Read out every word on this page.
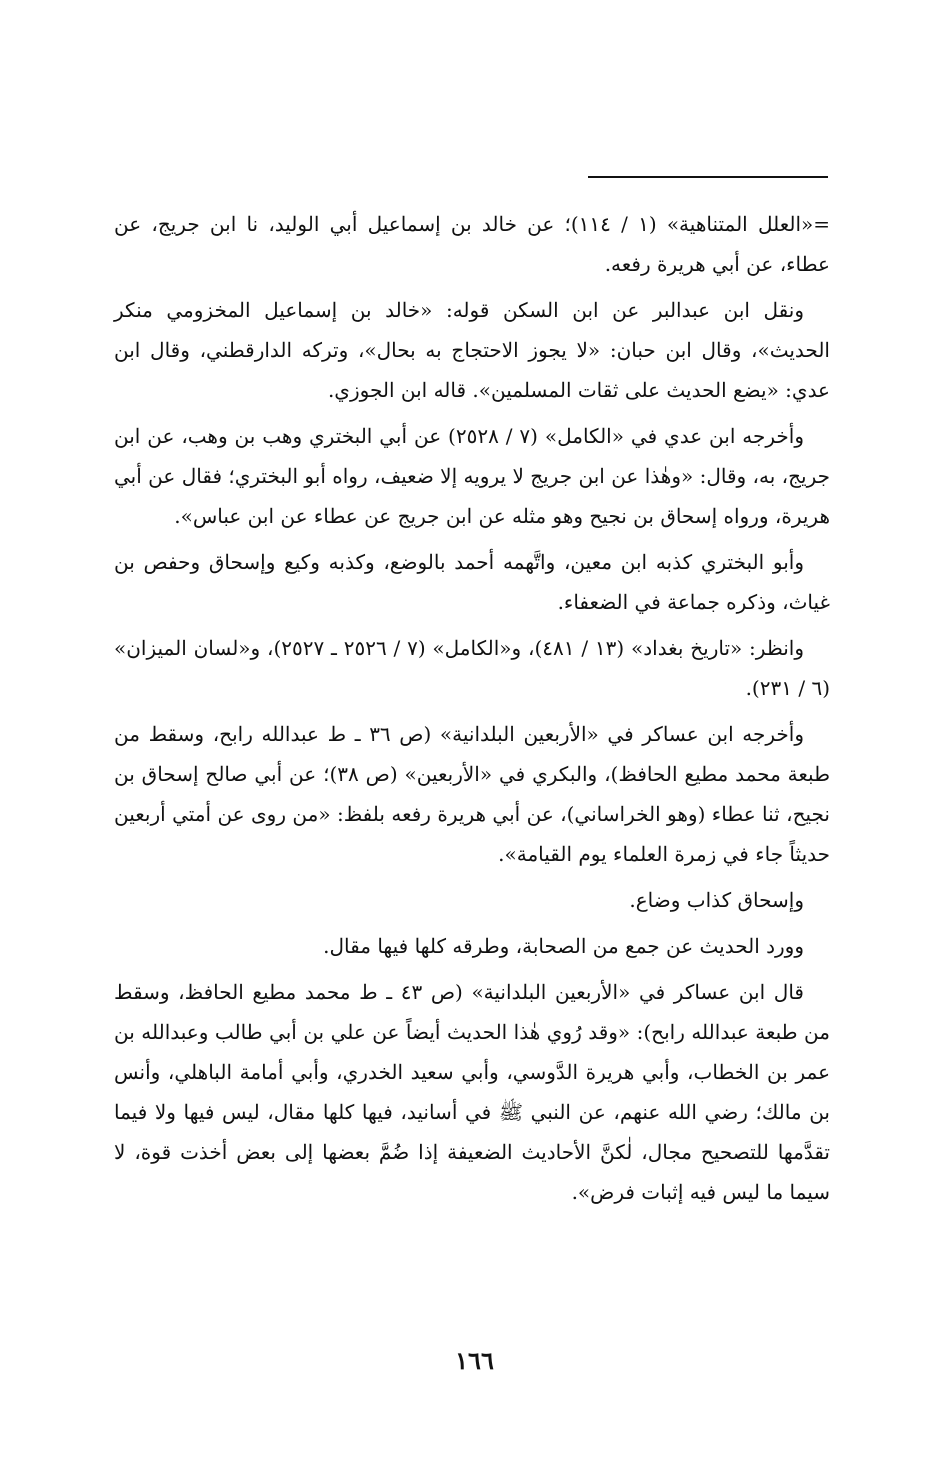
=«العلل المتناهية» (١ / ١١٤)؛ عن خالد بن إسماعيل أبي الوليد، نا ابن جريج، عن عطاء، عن أبي هريرة رفعه.

ونقل ابن عبدالبر عن ابن السكن قوله: «خالد بن إسماعيل المخزومي منكر الحديث»، وقال ابن حبان: «لا يجوز الاحتجاج به بحال»، وتركه الدارقطني، وقال ابن عدي: «يضع الحديث على ثقات المسلمين». قاله ابن الجوزي.

وأخرجه ابن عدي في «الكامل» (٧ / ٢٥٢٨) عن أبي البختري وهب بن وهب، عن ابن جريج، به، وقال: «وهٰذا عن ابن جريج لا يرويه إلا ضعيف، رواه أبو البختري؛ فقال عن أبي هريرة، ورواه إسحاق بن نجيح وهو مثله عن ابن جريج عن عطاء عن ابن عباس».

وأبو البختري كذبه ابن معين، واتَّهمه أحمد بالوضع، وكذبه وكيع وإسحاق وحفص بن غياث، وذكره جماعة في الضعفاء.

وانظر: «تاريخ بغداد» (١٣ / ٤٨١)، و«الكامل» (٧ / ٢٥٢٦ ـ ٢٥٢٧)، و«لسان الميزان» (٦ / ٢٣١).

وأخرجه ابن عساكر في «الأربعين البلدانية» (ص ٣٦ ـ ط عبدالله رابح، وسقط من طبعة محمد مطيع الحافظ)، والبكري في «الأربعين» (ص ٣٨)؛ عن أبي صالح إسحاق بن نجيح، ثنا عطاء (وهو الخراساني)، عن أبي هريرة رفعه بلفظ: «من روى عن أمتي أربعين حديثاً جاء في زمرة العلماء يوم القيامة».

وإسحاق كذاب وضاع.

وورد الحديث عن جمع من الصحابة، وطرقه كلها فيها مقال.

قال ابن عساكر في «الأربعين البلدانية» (ص ٤٣ ـ ط محمد مطيع الحافظ، وسقط من طبعة عبدالله رابح): «وقد رُوي هٰذا الحديث أيضاً عن علي بن أبي طالب وعبدالله بن عمر بن الخطاب، وأبي هريرة الدَّوسي، وأبي سعيد الخدري، وأبي أمامة الباهلي، وأنس بن مالك؛ رضي الله عنهم، عن النبي ﷺ في أسانيد، فيها كلها مقال، ليس فيها ولا فيما تقدَّمها للتصحيح مجال، لٰكنَّ الأحاديث الضعيفة إذا ضُمَّ بعضها إلى بعض أخذت قوة، لا سيما ما ليس فيه إثبات فرض».

١٦٦
